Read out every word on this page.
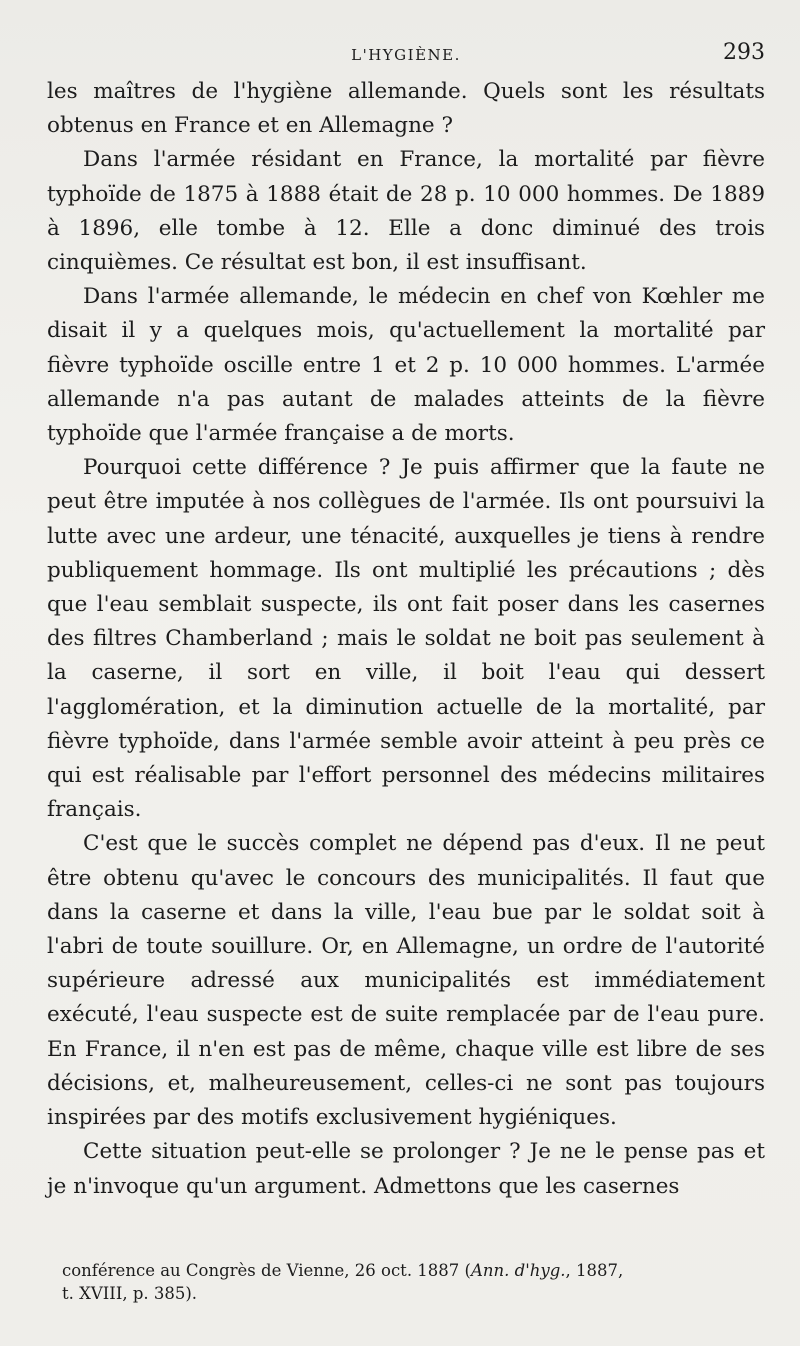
L'HYGIÈNE.	293

les maîtres de l'hygiène allemande. Quels sont les résultats obtenus en France et en Allemagne ?

Dans l'armée résidant en France, la mortalité par fièvre typhoïde de 1875 à 1888 était de 28 p. 10 000 hommes. De 1889 à 1896, elle tombe à 12. Elle a donc diminué des trois cinquièmes. Ce résultat est bon, il est insuffisant.

Dans l'armée allemande, le médecin en chef von Kœhler me disait il y a quelques mois, qu'actuellement la mortalité par fièvre typhoïde oscille entre 1 et 2 p. 10 000 hommes. L'armée allemande n'a pas autant de malades atteints de la fièvre typhoïde que l'armée française a de morts.

Pourquoi cette différence ? Je puis affirmer que la faute ne peut être imputée à nos collègues de l'armée. Ils ont poursuivi la lutte avec une ardeur, une ténacité, auxquelles je tiens à rendre publiquement hommage. Ils ont multiplié les précautions ; dès que l'eau semblait suspecte, ils ont fait poser dans les casernes des filtres Chamberland ; mais le soldat ne boit pas seulement à la caserne, il sort en ville, il boit l'eau qui dessert l'agglomération, et la diminution actuelle de la mortalité, par fièvre typhoïde, dans l'armée semble avoir atteint à peu près ce qui est réalisable par l'effort personnel des médecins militaires français.

C'est que le succès complet ne dépend pas d'eux. Il ne peut être obtenu qu'avec le concours des municipalités. Il faut que dans la caserne et dans la ville, l'eau bue par le soldat soit à l'abri de toute souillure. Or, en Allemagne, un ordre de l'autorité supérieure adressé aux municipalités est immédiatement exécuté, l'eau suspecte est de suite remplacée par de l'eau pure. En France, il n'en est pas de même, chaque ville est libre de ses décisions, et, malheureusement, celles-ci ne sont pas toujours inspirées par des motifs exclusivement hygiéniques.

Cette situation peut-elle se prolonger ? Je ne le pense pas et je n'invoque qu'un argument. Admettons que les casernes

conférence au Congrès de Vienne, 26 oct. 1887 (Ann. d'hyg., 1887,
t. XVIII, p. 385).
